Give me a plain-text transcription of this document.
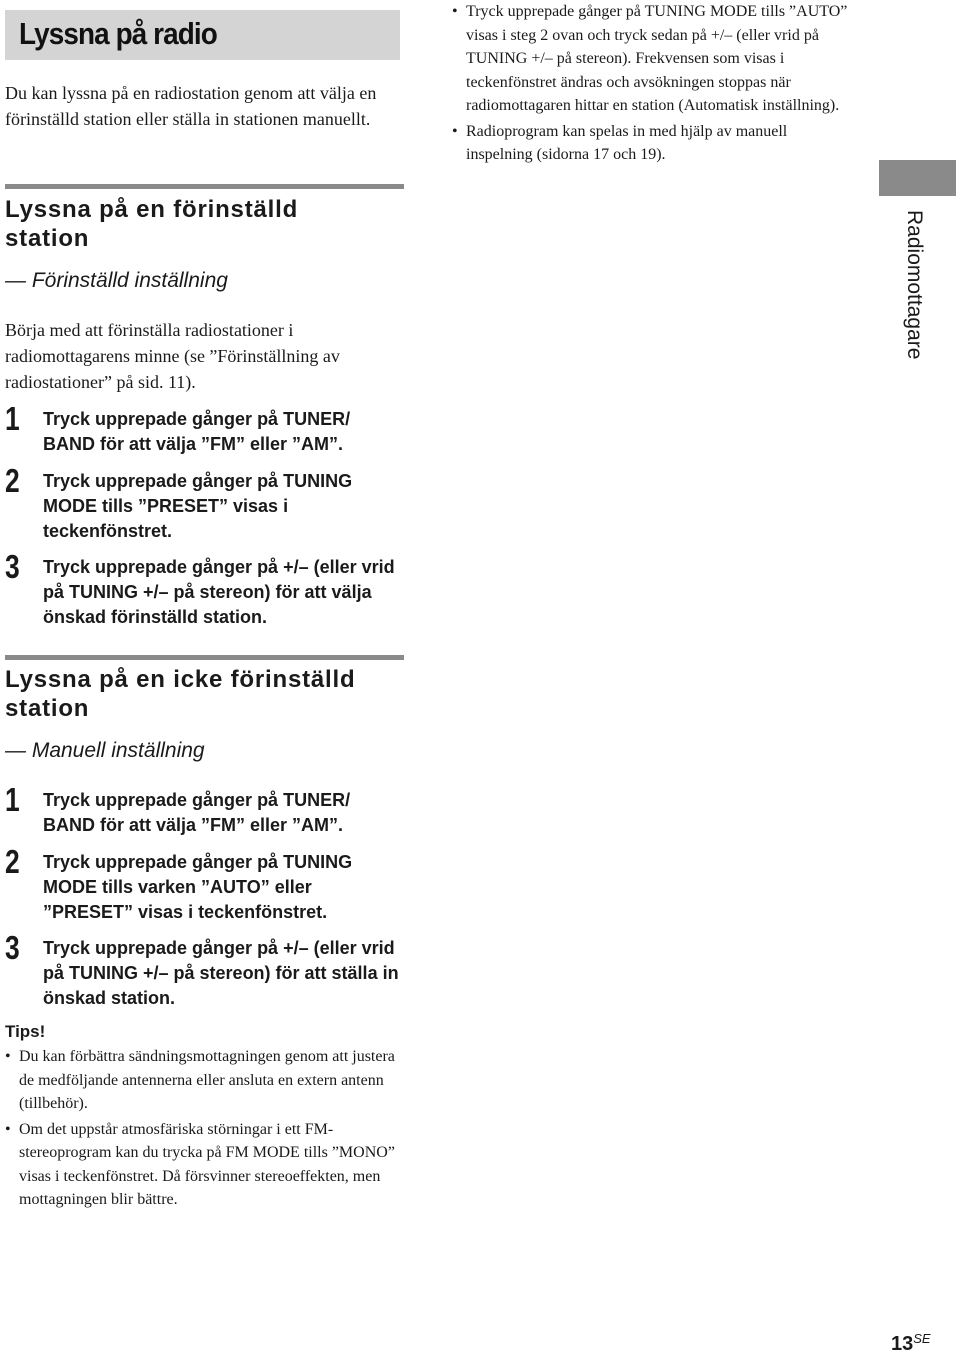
Lyssna på radio

Du kan lyssna på en radiostation genom att välja en förinställd station eller ställa in stationen manuellt.

Lyssna på en förinställd
station

— Förinställd inställning

Börja med att förinställa radiostationer i radiomottagarens minne (se ”Förinställning av radiostationer” på sid. 11).

1 Tryck upprepade gånger på TUNER/ BAND för att välja ”FM” eller ”AM”.
2 Tryck upprepade gånger på TUNING MODE tills ”PRESET” visas i teckenfönstret.
3 Tryck upprepade gånger på +/– (eller vrid på TUNING +/– på stereon) för att välja önskad förinställd station.
Lyssna på en icke förinställd
station

— Manuell inställning

1 Tryck upprepade gånger på TUNER/ BAND för att välja ”FM” eller ”AM”.
2 Tryck upprepade gånger på TUNING MODE tills varken ”AUTO” eller ”PRESET” visas i teckenfönstret.
3 Tryck upprepade gånger på +/– (eller vrid på TUNING +/– på stereon) för att ställa in önskad station.

Tips!

• Du kan förbättra sändningsmottagningen genom att justera de medföljande antennerna eller ansluta en extern antenn (tillbehör).
• Om det uppstår atmosfäriska störningar i ett FM-stereoprogram kan du trycka på FM MODE tills ”MONO” visas i teckenfönstret. Då försvinner stereoeffekten, men mottagningen blir bättre.
• Tryck upprepade gånger på TUNING MODE tills ”AUTO” visas i steg 2 ovan och tryck sedan på +/– (eller vrid på TUNING +/– på stereon). Frekvensen som visas i teckenfönstret ändras och avsökningen stoppas när radiomottagaren hittar en station (Automatisk inställning).
• Radioprogram kan spelas in med hjälp av manuell inspelning (sidorna 17 och 19).
Radiomottagare
$13^{SE}$
